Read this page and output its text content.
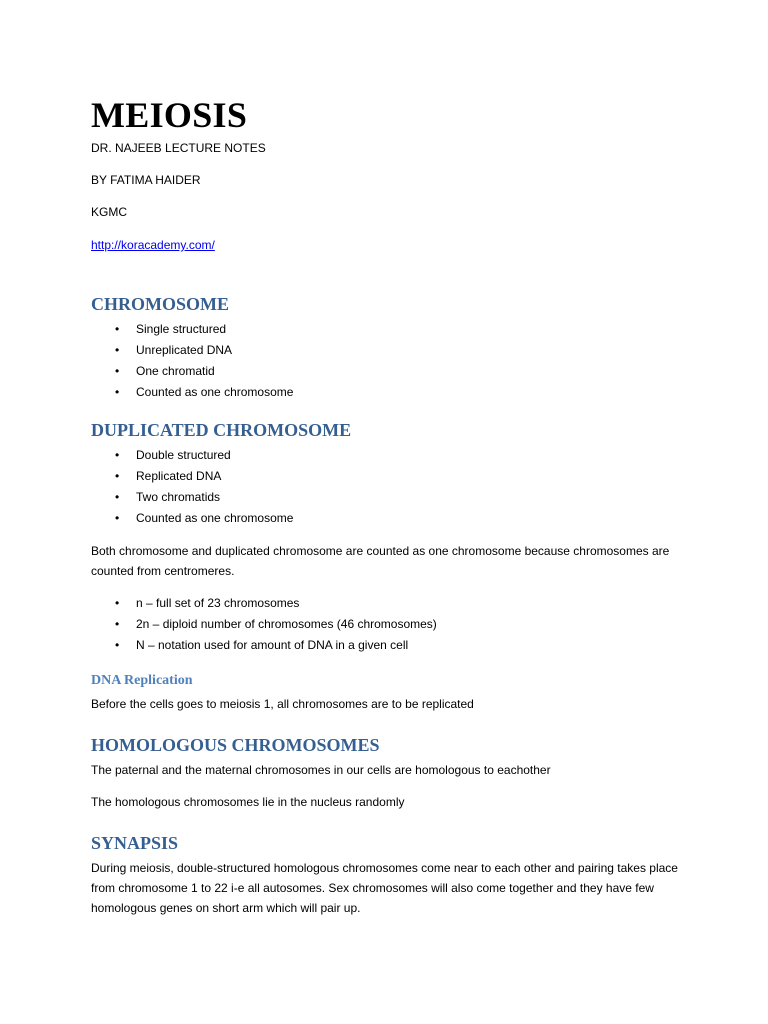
MEIOSIS

DR. NAJEEB LECTURE NOTES

BY FATIMA HAIDER

KGMC

http://koracademy.com/
CHROMOSOME
• Single structured
• Unreplicated DNA
• One chromatid
• Counted as one chromosome
DUPLICATED CHROMOSOME
• Double structured
• Replicated DNA
• Two chromatids
• Counted as one chromosome

Both chromosome and duplicated chromosome are counted as one chromosome because chromosomes are counted from centromeres.

• n – full set of 23 chromosomes
• 2n – diploid number of chromosomes (46 chromosomes)
• N – notation used for amount of DNA in a given cell
DNA Replication

Before the cells goes to meiosis 1, all chromosomes are to be replicated

HOMOLOGOUS CHROMOSOMES

The paternal and the maternal chromosomes in our cells are homologous to eachother

The homologous chromosomes lie in the nucleus randomly

SYNAPSIS

During meiosis, double-structured homologous chromosomes come near to each other and pairing takes place from chromosome 1 to 22 i-e all autosomes. Sex chromosomes will also come together and they have few homologous genes on short arm which will pair up.
